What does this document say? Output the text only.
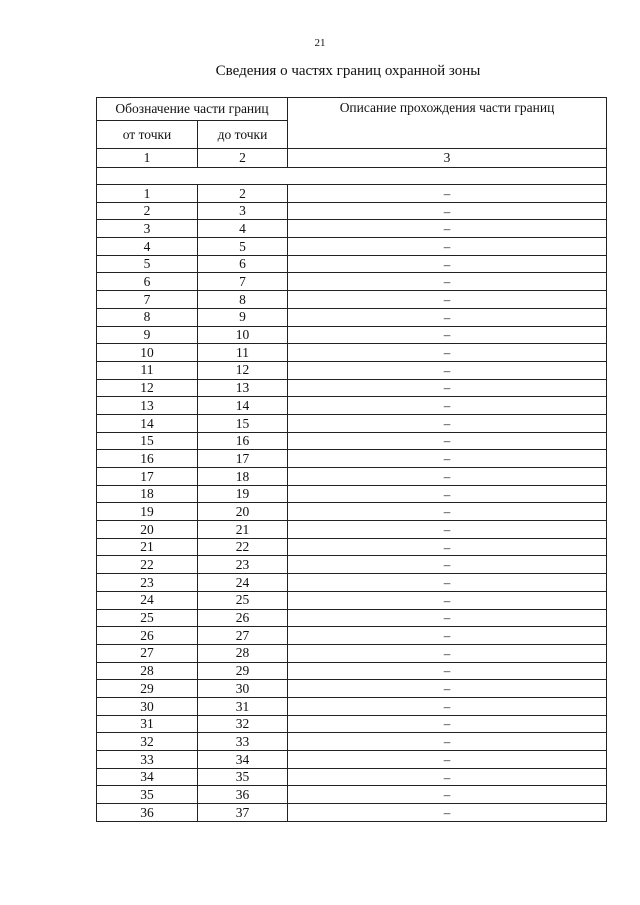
21
Сведения о частях границ охранной зоны
Обозначение части границ		Описание прохождения части границ
от точки	до точки	
1	2	3

1	2	–
2	3	–
3	4	–
4	5	–
5	6	–
6	7	–
7	8	–
8	9	–
9	10	–
10	11	–
11	12	–
12	13	–
13	14	–
14	15	–
15	16	–
16	17	–
17	18	–
18	19	–
19	20	–
20	21	–
21	22	–
22	23	–
23	24	–
24	25	–
25	26	–
26	27	–
27	28	–
28	29	–
29	30	–
30	31	–
31	32	–
32	33	–
33	34	–
34	35	–
35	36	–
36	37	–
